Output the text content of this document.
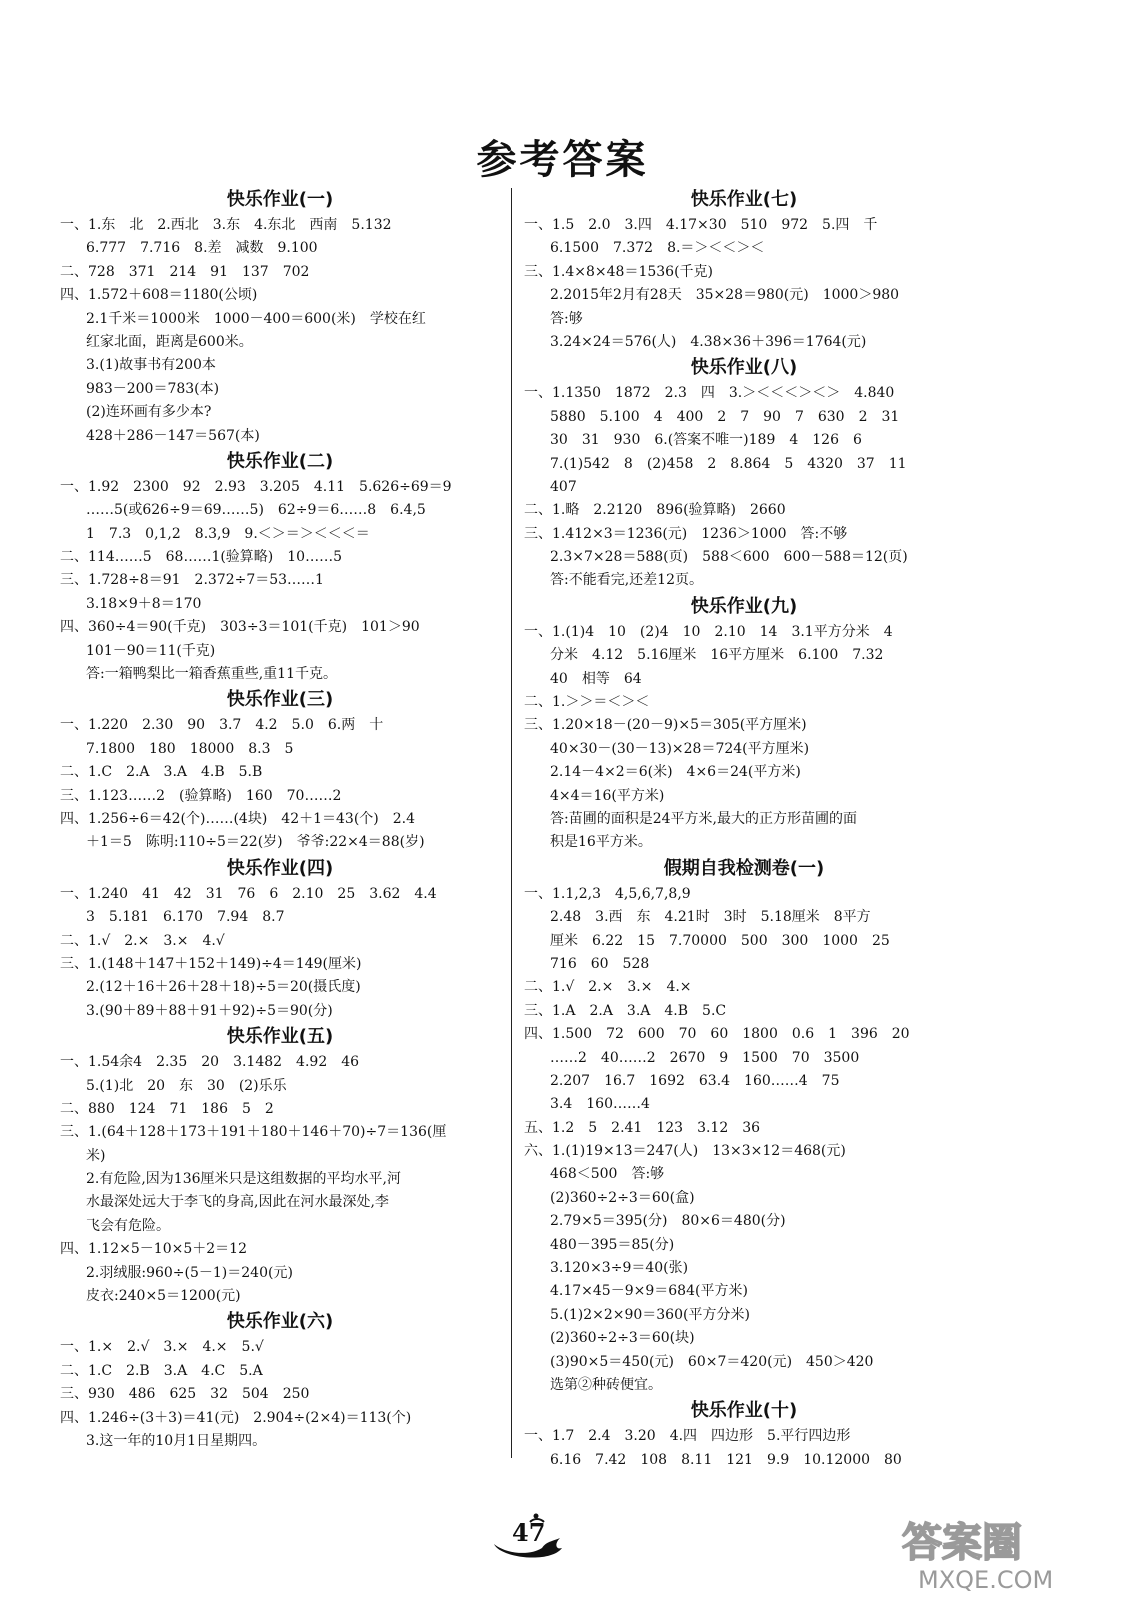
参考答案
快乐作业(一)
一、1.东　北　2.西北　3.东　4.东北　西南　5.132
6.777　7.716　8.差　减数　9.100
二、728　371　214　91　137　702
四、1.572＋608＝1180(公顷)
2.1千米＝1000米　1000－400＝600(米)　学校在红
红家北面，距离是600米。
3.(1)故事书有200本
983－200＝783(本)
(2)连环画有多少本?
428＋286－147＝567(本)
快乐作业(二)
一、1.92　2300　92　2.93　3.205　4.11　5.626÷69＝9
……5(或626÷9＝69……5)　62÷9＝6……8　6.4,5
1　7.3　0,1,2　8.3,9　9.＜＞＝＞＜＜＜＝
二、114……5　68……1(验算略)　10……5
三、1.728÷8＝91　2.372÷7＝53……1
3.18×9＋8＝170
四、360÷4＝90(千克)　303÷3＝101(千克)　101＞90
101－90＝11(千克)
答:一箱鸭梨比一箱香蕉重些,重11千克。
快乐作业(三)
一、1.220　2.30　90　3.7　4.2　5.0　6.两　十
7.1800　180　18000　8.3　5
二、1.C　2.A　3.A　4.B　5.B
三、1.123……2　(验算略)　160　70……2
四、1.256÷6＝42(个)……(4块)　42＋1＝43(个)　2.4
＋1＝5　陈明:110÷5＝22(岁)　爷爷:22×4＝88(岁)
快乐作业(四)
一、1.240　41　42　31　76　6　2.10　25　3.62　4.4
3　5.181　6.170　7.94　8.7
二、1.√　2.×　3.×　4.√
三、1.(148＋147＋152＋149)÷4＝149(厘米)
2.(12＋16＋26＋28＋18)÷5＝20(摄氏度)
3.(90＋89＋88＋91＋92)÷5＝90(分)
快乐作业(五)
一、1.54余4　2.35　20　3.1482　4.92　46
5.(1)北　20　东　30　(2)乐乐
二、880　124　71　186　5　2
三、1.(64＋128＋173＋191＋180＋146＋70)÷7＝136(厘
米)
2.有危险,因为136厘米只是这组数据的平均水平,河
水最深处远大于李飞的身高,因此在河水最深处,李
飞会有危险。
四、1.12×5－10×5＋2＝12
2.羽绒服:960÷(5－1)＝240(元)
皮衣:240×5＝1200(元)
快乐作业(六)
一、1.×　2.√　3.×　4.×　5.√
二、1.C　2.B　3.A　4.C　5.A
三、930　486　625　32　504　250
四、1.246÷(3＋3)＝41(元)　2.904÷(2×4)＝113(个)
3.这一年的10月1日星期四。
快乐作业(七)
一、1.5　2.0　3.四　4.17×30　510　972　5.四　千
6.1500　7.372　8.＝＞＜＜＞＜
三、1.4×8×48＝1536(千克)
2.2015年2月有28天　35×28＝980(元)　1000＞980
答:够
3.24×24＝576(人)　4.38×36＋396＝1764(元)
快乐作业(八)
一、1.1350　1872　2.3　四　3.＞＜＜＜＞＜＞　4.840
5880　5.100　4　400　2　7　90　7　630　2　31
30　31　930　6.(答案不唯一)189　4　126　6
7.(1)542　8　(2)458　2　8.864　5　4320　37　11
407
二、1.略　2.2120　896(验算略)　2660
三、1.412×3＝1236(元)　1236＞1000　答:不够
2.3×7×28＝588(页)　588＜600　600－588＝12(页)
答:不能看完,还差12页。
快乐作业(九)
一、1.(1)4　10　(2)4　10　2.10　14　3.1平方分米　4
分米　4.12　5.16厘米　16平方厘米　6.100　7.32
40　相等　64
二、1.＞＞＝＜＞＜
三、1.20×18－(20－9)×5＝305(平方厘米)
40×30－(30－13)×28＝724(平方厘米)
2.14－4×2＝6(米)　4×6＝24(平方米)
4×4＝16(平方米)
答:苗圃的面积是24平方米,最大的正方形苗圃的面
积是16平方米。
假期自我检测卷(一)
一、1.1,2,3　4,5,6,7,8,9
2.48　3.西　东　4.21时　3时　5.18厘米　8平方
厘米　6.22　15　7.70000　500　300　1000　25
716　60　528
二、1.√　2.×　3.×　4.×
三、1.A　2.A　3.A　4.B　5.C
四、1.500　72　600　70　60　1800　0.6　1　396　20
……2　40……2　2670　9　1500　70　3500
2.207　16.7　1692　63.4　160……4　75
3.4　160……4
五、1.2　5　2.41　123　3.12　36
六、1.(1)19×13＝247(人)　13×3×12＝468(元)
468＜500　答:够
(2)360÷2÷3＝60(盒)
2.79×5＝395(分)　80×6＝480(分)
480－395＝85(分)
3.120×3÷9＝40(张)
4.17×45－9×9＝684(平方米)
5.(1)2×2×90＝360(平方分米)
(2)360÷2÷3＝60(块)
(3)90×5＝450(元)　60×7＝420(元)　450＞420
选第②种砖便宜。
快乐作业(十)
一、1.7　2.4　3.20　4.四　四边形　5.平行四边形
6.16　7.42　108　8.11　121　9.9　10.12000　80
47	答案圈
MXQE.COM
